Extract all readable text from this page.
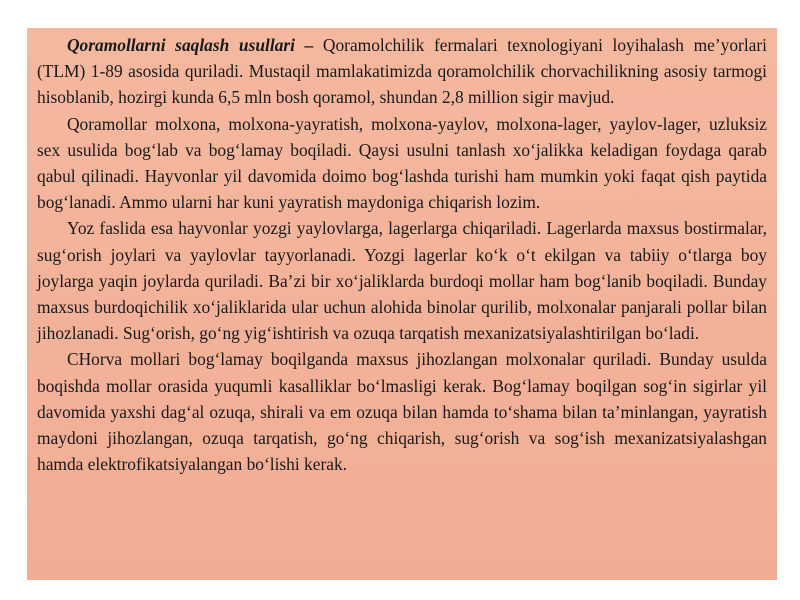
Qoramollarni saqlash usullari – Qoramolchilik fermalari texnologiyani loyihalash me’yorlari (TLM) 1-89 asosida quriladi. Mustaqil mamlakatimizda qoramolchilik chorvachilikning asosiy tarmogi hisoblanib, hozirgi kunda 6,5 mln bosh qoramol, shundan 2,8 million sigir mavjud.

Qoramollar molxona, molxona-yayratish, molxona-yaylov, molxona-lager, yaylov-lager, uzluksiz sex usulida bog‘lab va bog‘lamay boqiladi. Qaysi usulni tanlash xo‘jalikka keladigan foydaga qarab qabul qilinadi. Hayvonlar yil davomida doimo bog‘lashda turishi ham mumkin yoki faqat qish paytida bog‘lanadi. Ammo ularni har kuni yayratish maydoniga chiqarish lozim.

Yoz faslida esa hayvonlar yozgi yaylovlarga, lagerlarga chiqariladi. Lagerlarda maxsus bostirmalar, sug‘orish joylari va yaylovlar tayyorlanadi. Yozgi lagerlar ko‘k o‘t ekilgan va tabiiy o‘tlarga boy joylarga yaqin joylarda quriladi. Ba’zi bir xo‘jaliklarda burdoqi mollar ham bog‘lanib boqiladi. Bunday maxsus burdoqichilik xo‘jaliklarida ular uchun alohida binolar qurilib, molxonalar panjarali pollar bilan jihozlanadi. Sug‘orish, go‘ng yig‘ishtirish va ozuqa tarqatish mexanizatsiyalashtirilgan bo‘ladi.

CHorva mollari bog‘lamay boqilganda maxsus jihozlangan molxonalar quriladi. Bunday usulda boqishda mollar orasida yuqumli kasalliklar bo‘lmasligi kerak. Bog‘lamay boqilgan sog‘in sigirlar yil davomida yaxshi dag‘al ozuqa, shirali va em ozuqa bilan hamda to‘shama bilan ta’minlangan, yayratish maydoni jihozlangan, ozuqa tarqatish, go‘ng chiqarish, sug‘orish va sog‘ish mexanizatsiyalashgan hamda elektrofikatsiyalangan bo‘lishi kerak.
